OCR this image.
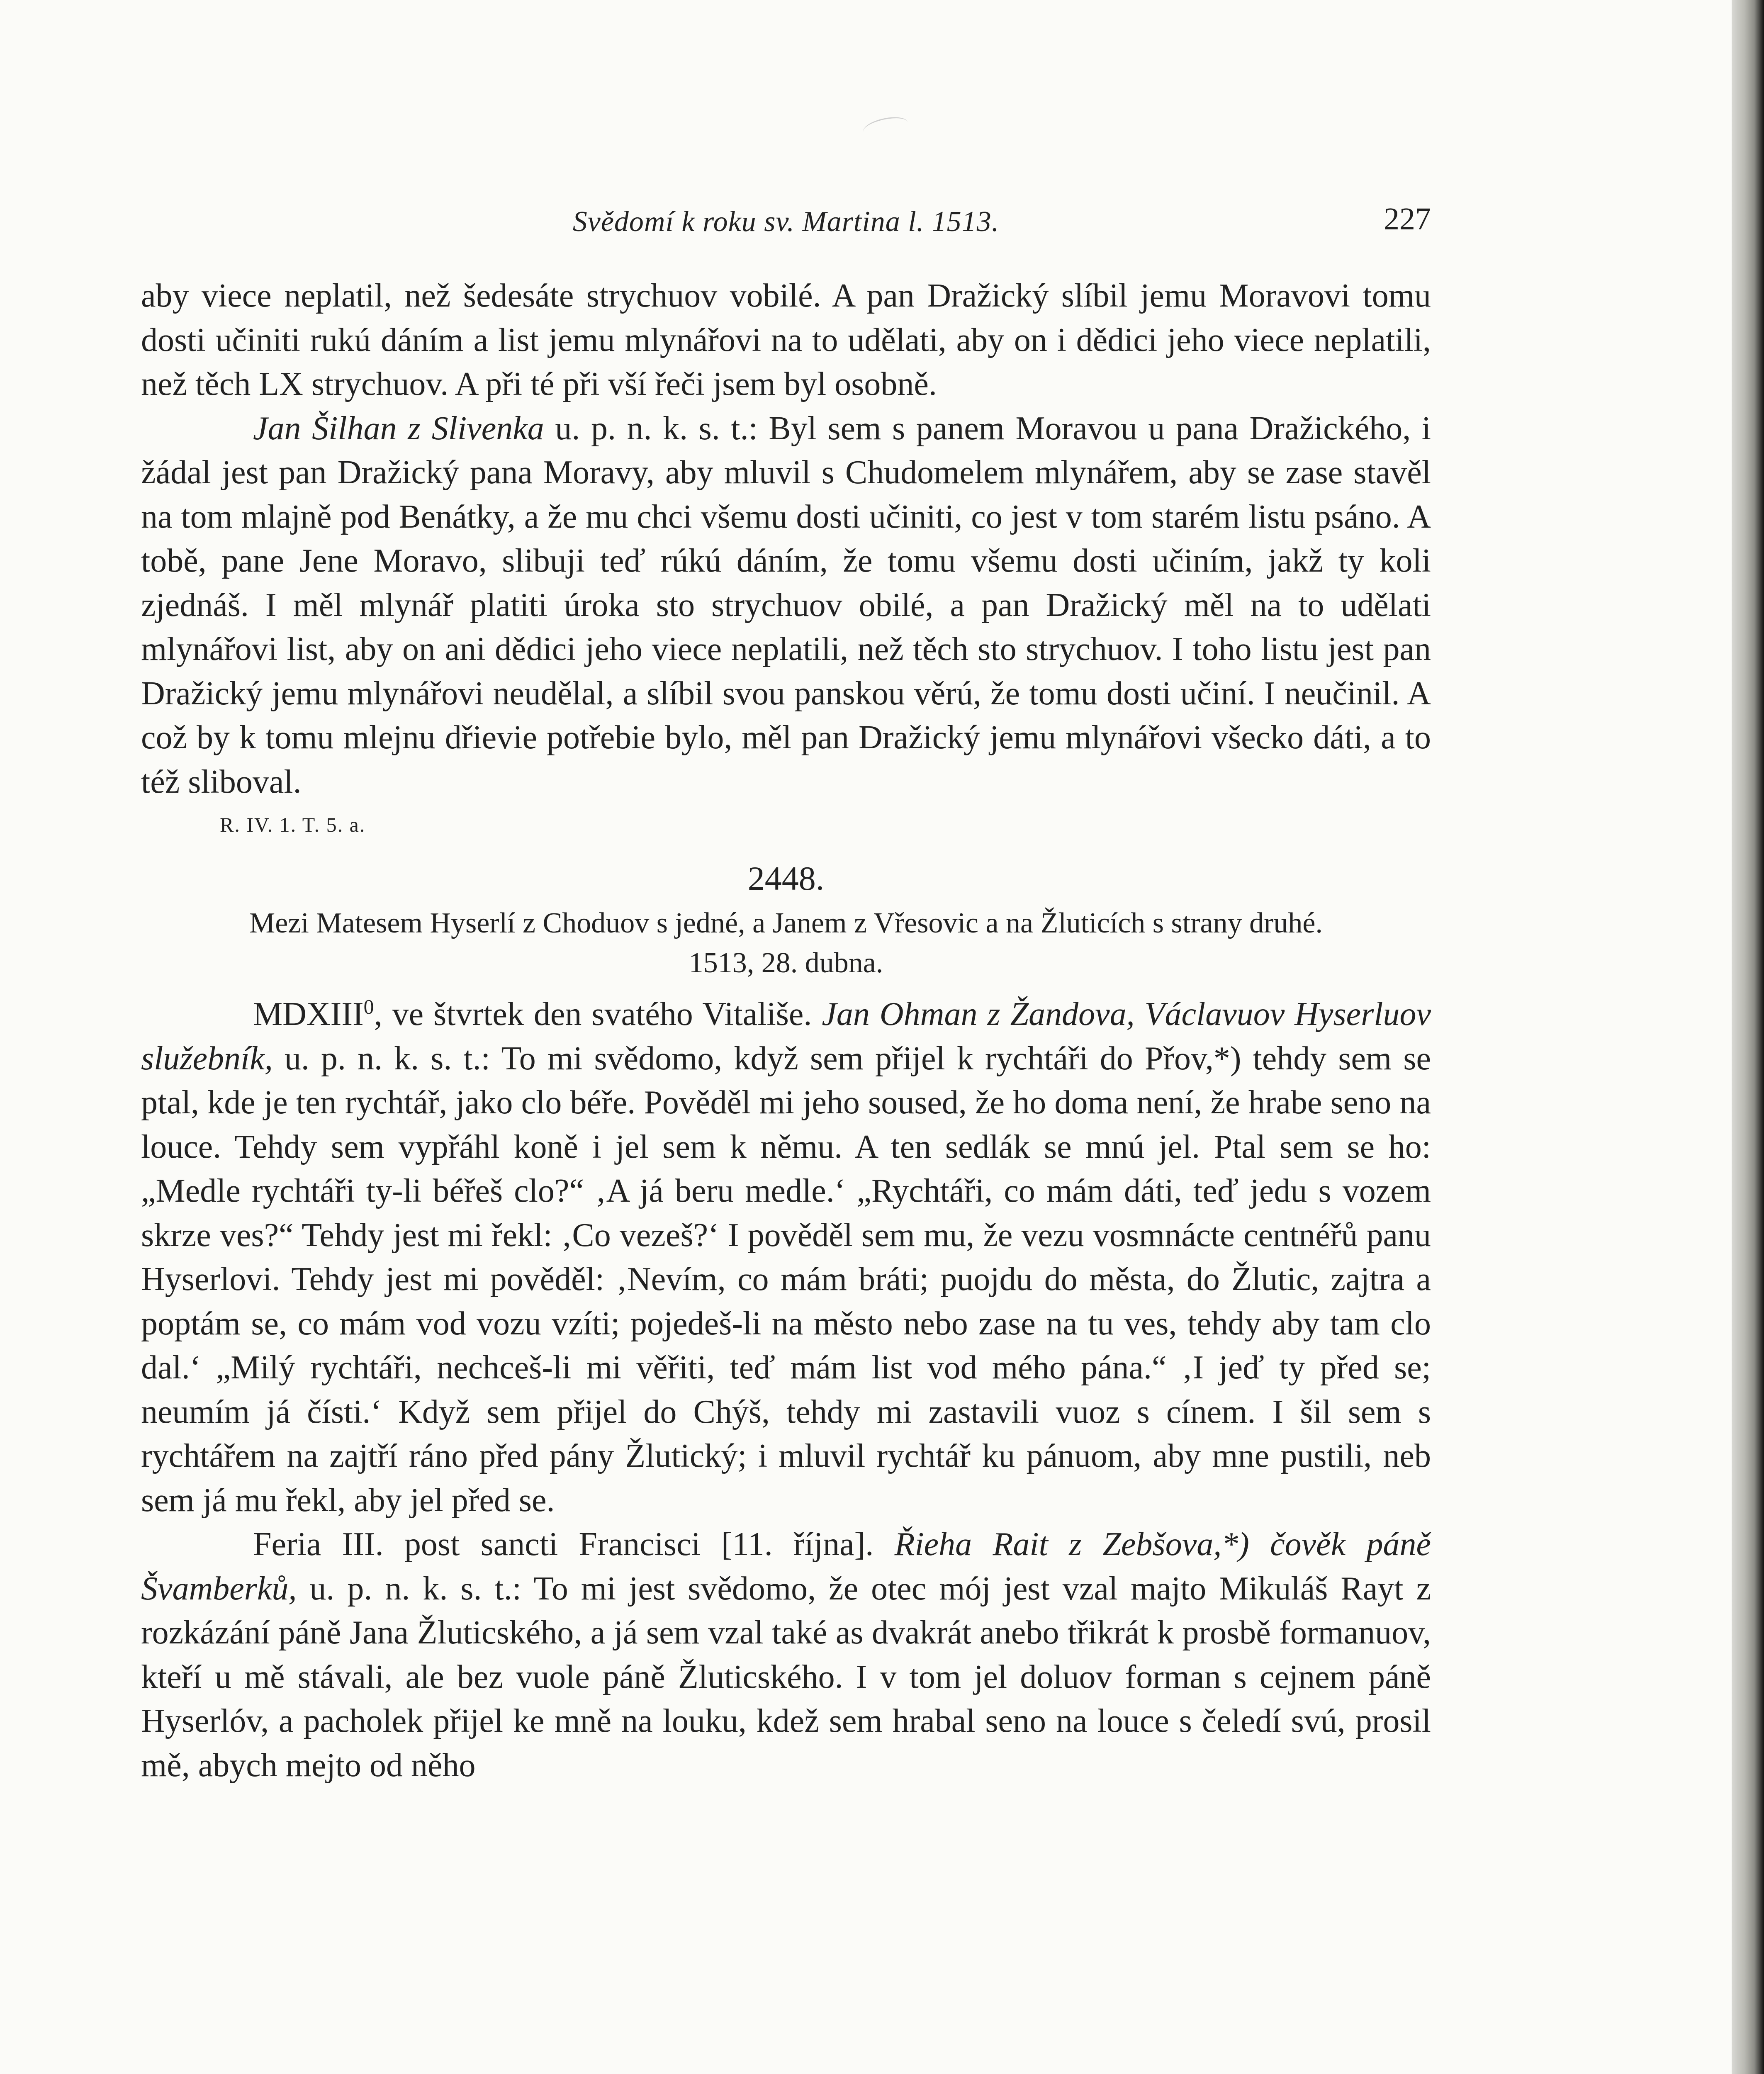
Svědomí k roku sv. Martina l. 1513.	227

aby viece neplatil, než šedesáte strychuov vobilé. A pan Dražický slíbil jemu Moravovi tomu dosti učiniti rukú dáním a list jemu mlynářovi na to udělati, aby on i dědici jeho viece neplatili, než těch LX strychuov. A při té při vší řeči jsem byl osobně.

Jan Šilhan z Slivenka u. p. n. k. s. t.: Byl sem s panem Moravou u pana Dražického, i žádal jest pan Dražický pana Moravy, aby mluvil s Chudomelem mlynářem, aby se zase stavěl na tom mlajně pod Benátky, a že mu chci všemu dosti učiniti, co jest v tom starém listu psáno. A tobě, pane Jene Moravo, slibuji teď rúkú dáním, že tomu všemu dosti učiním, jakž ty koli zjednáš. I měl mlynář platiti úroka sto strychuov obilé, a pan Dražický měl na to udělati mlynářovi list, aby on ani dědici jeho viece neplatili, než těch sto strychuov. I toho listu jest pan Dražický jemu mlynářovi neudělal, a slíbil svou panskou věrú, že tomu dosti učiní. I neučinil. A což by k tomu mlejnu dřievie potřebie bylo, měl pan Dražický jemu mlynářovi všecko dáti, a to též sliboval.

R. IV. 1. T. 5. a.
2448.

Mezi Matesem Hyserlí z Choduov s jedné, a Janem z Vřesovic a na Žluticích s strany druhé.

1513, 28. dubna.

MDXIII$^0$, ve štvrtek den svatého Vitališe. Jan Ohman z Žandova, Václavuov Hyserluov služebník, u. p. n. k. s. t.: To mi svědomo, když sem přijel k rychtáři do Přov,*) tehdy sem se ptal, kde je ten rychtář, jako clo béře. Pověděl mi jeho soused, že ho doma není, že hrabe seno na louce. Tehdy sem vypřáhl koně i jel sem k němu. A ten sedlák se mnú jel. Ptal sem se ho: „Medle rychtáři ty-li béřeš clo?“ ‚A já beru medle.‘ „Rychtáři, co mám dáti, teď jedu s vozem skrze ves?“ Tehdy jest mi řekl: ‚Co vezeš?‘ I pověděl sem mu, že vezu vosmnácte centnéřů panu Hyserlovi. Tehdy jest mi pověděl: ‚Nevím, co mám bráti; puojdu do města, do Žlutic, zajtra a poptám se, co mám vod vozu vzíti; pojedeš-li na město nebo zase na tu ves, tehdy aby tam clo dal.‘ „Milý rychtáři, nechceš-li mi věřiti, teď mám list vod mého pána.“ ‚I jeď ty před se; neumím já čísti.‘ Když sem přijel do Chýš, tehdy mi zastavili vuoz s cínem. I šil sem s rychtářem na zajtří ráno před pány Žlutický; i mluvil rychtář ku pánuom, aby mne pustili, neb sem já mu řekl, aby jel před se.

Feria III. post sancti Francisci [11. října]. Řieha Rait z Zebšova,*) čověk páně Švamberků, u. p. n. k. s. t.: To mi jest svědomo, že otec mój jest vzal majto Mikuláš Rayt z rozkázání páně Jana Žluticského, a já sem vzal také as dvakrát anebo třikrát k prosbě formanuov, kteří u mě stávali, ale bez vuole páně Žluticského. I v tom jel doluov forman s cejnem páně Hyserlóv, a pacholek přijel ke mně na louku, kdež sem hrabal seno na louce s čeledí svú, prosil mě, abych mejto od něho
